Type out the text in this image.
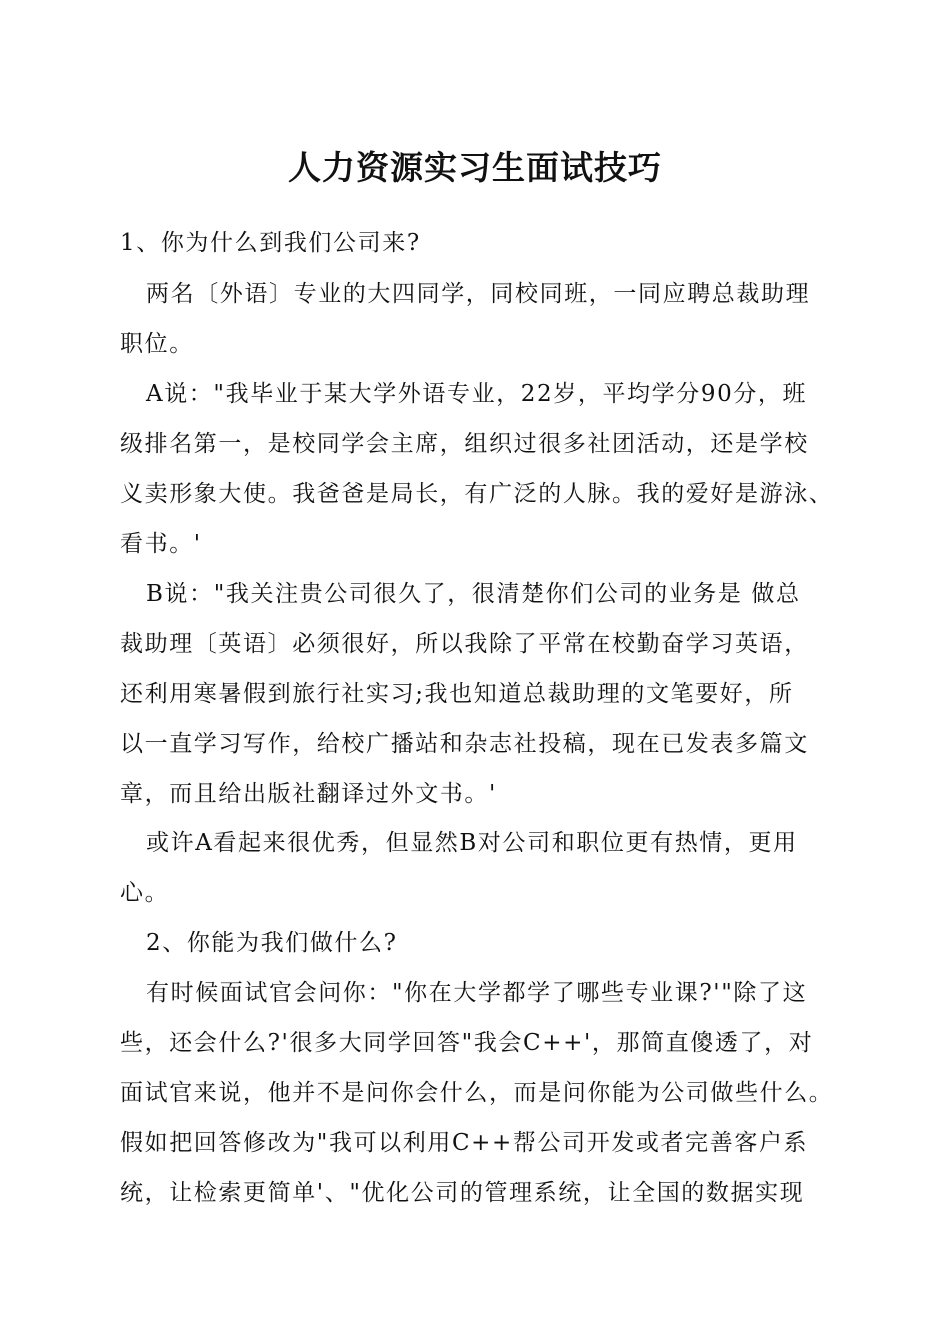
人力资源实习生面试技巧
1、你为什么到我们公司来?
两名〔外语〕专业的大四同学，同校同班，一同应聘总裁助理
职位。
A说："我毕业于某大学外语专业，22岁，平均学分90分，班
级排名第一，是校同学会主席，组织过很多社团活动，还是学校
义卖形象大使。我爸爸是局长，有广泛的人脉。我的爱好是游泳、
看书。'
B说："我关注贵公司很久了，很清楚你们公司的业务是 做总
裁助理〔英语〕必须很好，所以我除了平常在校勤奋学习英语，
还利用寒暑假到旅行社实习;我也知道总裁助理的文笔要好，所
以一直学习写作，给校广播站和杂志社投稿，现在已发表多篇文
章，而且给出版社翻译过外文书。'
或许A看起来很优秀，但显然B对公司和职位更有热情，更用
心。
2、你能为我们做什么?
有时候面试官会问你："你在大学都学了哪些专业课?'"除了这
些，还会什么?'很多大同学回答"我会C++'，那简直傻透了，对
面试官来说，他并不是问你会什么，而是问你能为公司做些什么。
假如把回答修改为"我可以利用C++帮公司开发或者完善客户系
统，让检索更简单'、"优化公司的管理系统，让全国的数据实现
